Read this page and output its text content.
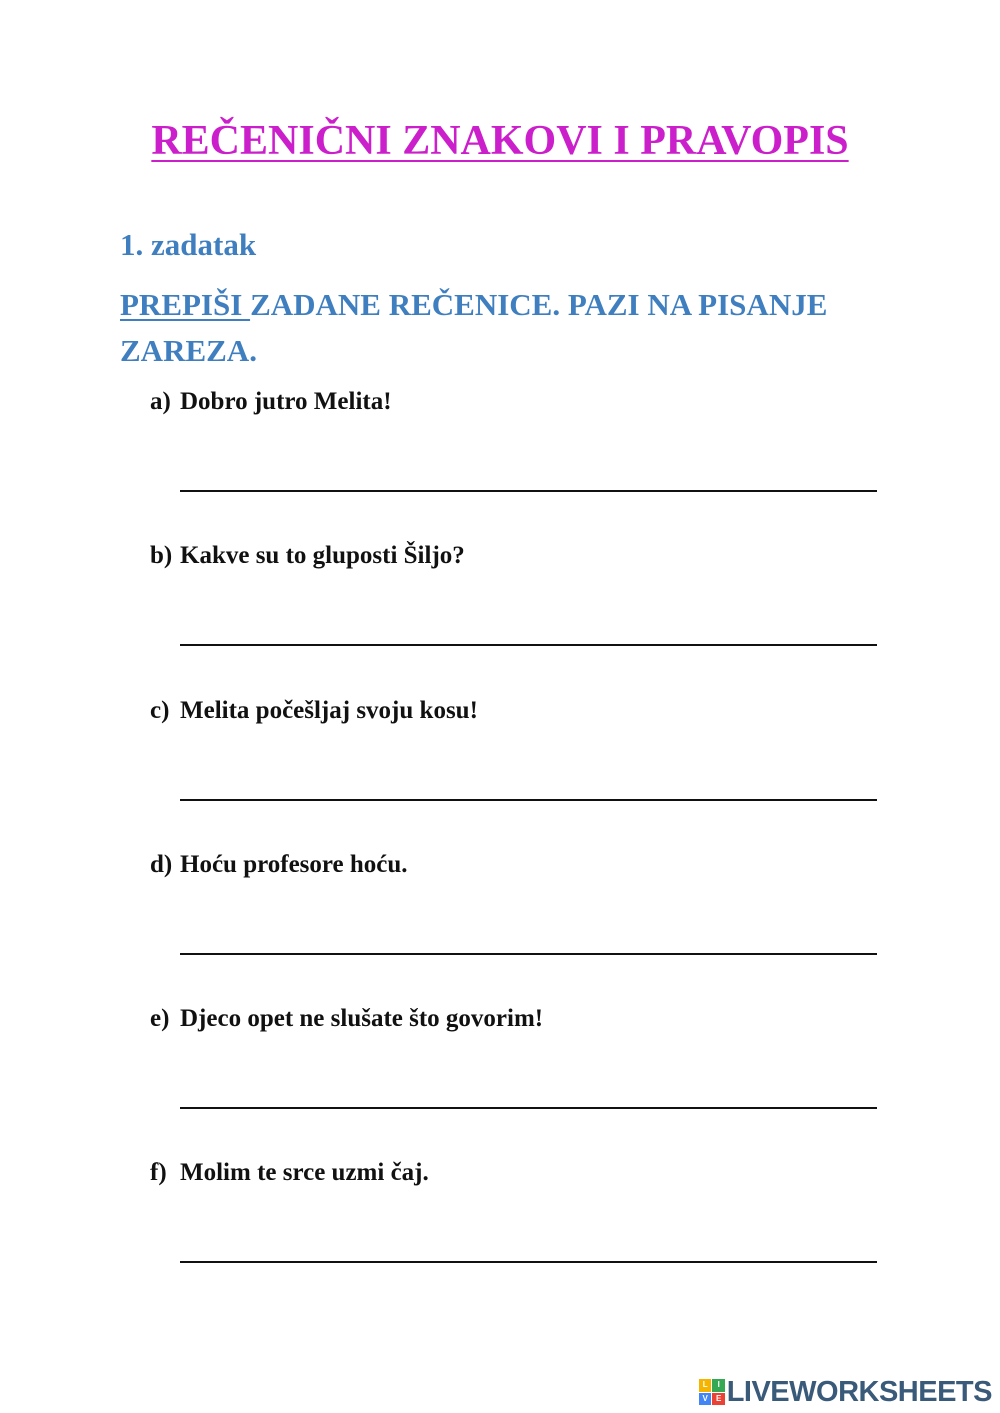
REČENIČNI ZNAKOVI I PRAVOPIS
1. zadatak
PREPIŠI ZADANE REČENICE. PAZI NA PISANJE ZAREZA.
a) Dobro jutro Melita!
b) Kakve su to gluposti Šiljo?
c) Melita počešljaj svoju kosu!
d) Hoću profesore hoću.
e) Djeco opet ne slušate što govorim!
f) Molim te srce uzmi čaj.
L	I
V	E LIVEWORKSHEETS
